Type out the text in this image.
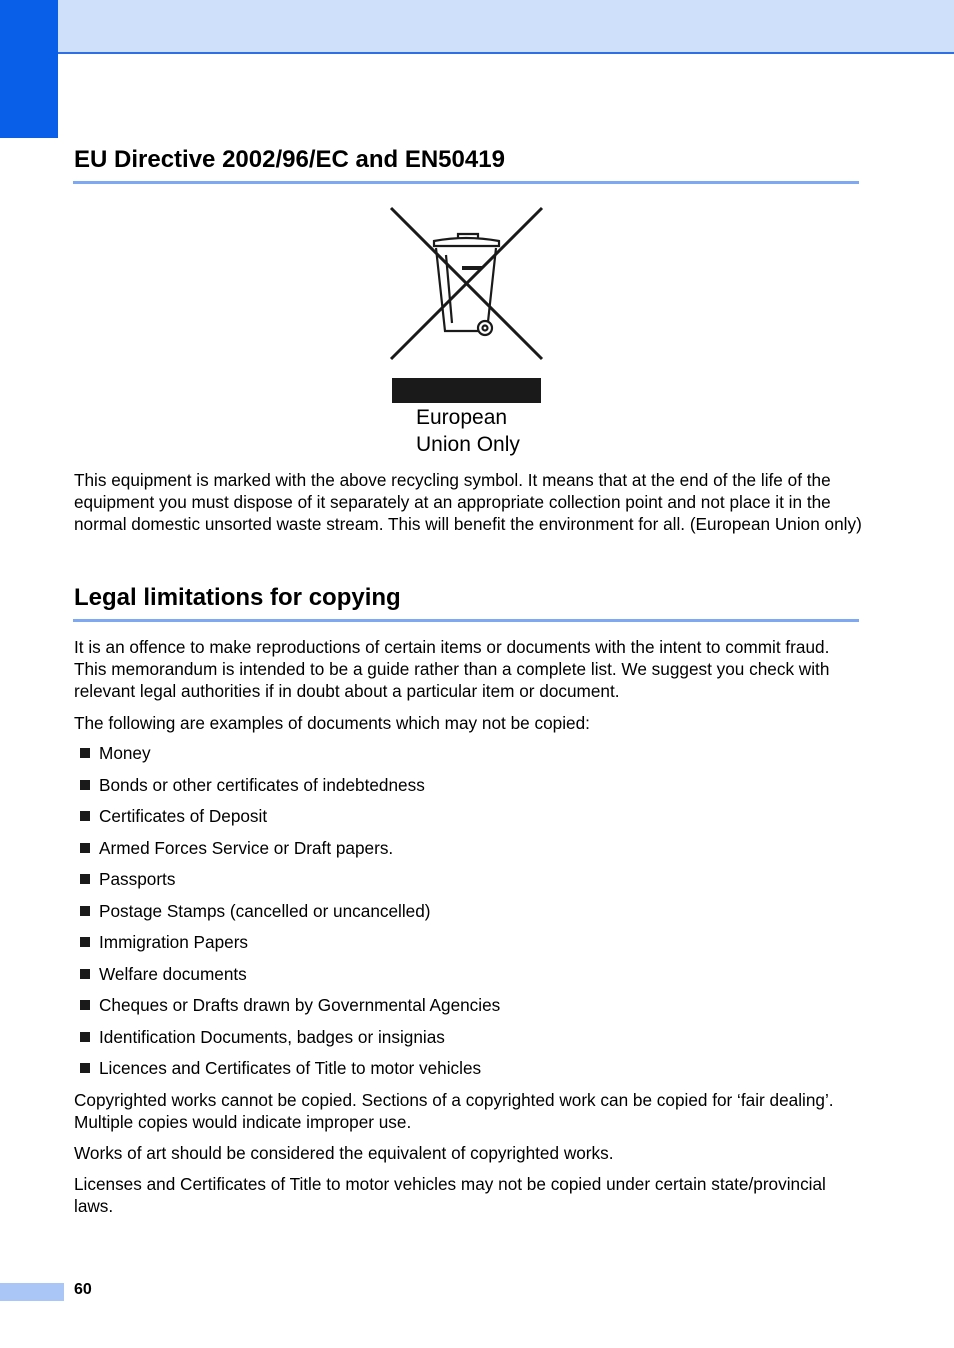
EU Directive 2002/96/EC and EN50419
European
Union Only

This equipment is marked with the above recycling symbol. It means that at the end of the life of the equipment you must dispose of it separately at an appropriate collection point and not place it in the normal domestic unsorted waste stream. This will benefit the environment for all. (European Union only)

Legal limitations for copying

It is an offence to make reproductions of certain items or documents with the intent to commit fraud. This memorandum is intended to be a guide rather than a complete list. We suggest you check with relevant legal authorities if in doubt about a particular item or document.

The following are examples of documents which may not be copied:

Money
Bonds or other certificates of indebtedness
Certificates of Deposit
Armed Forces Service or Draft papers.
Passports
Postage Stamps (cancelled or uncancelled)
Immigration Papers
Welfare documents
Cheques or Drafts drawn by Governmental Agencies
Identification Documents, badges or insignias
Licences and Certificates of Title to motor vehicles

Copyrighted works cannot be copied. Sections of a copyrighted work can be copied for ‘fair dealing’. Multiple copies would indicate improper use.

Works of art should be considered the equivalent of copyrighted works.

Licenses and Certificates of Title to motor vehicles may not be copied under certain state/provincial laws.

60
